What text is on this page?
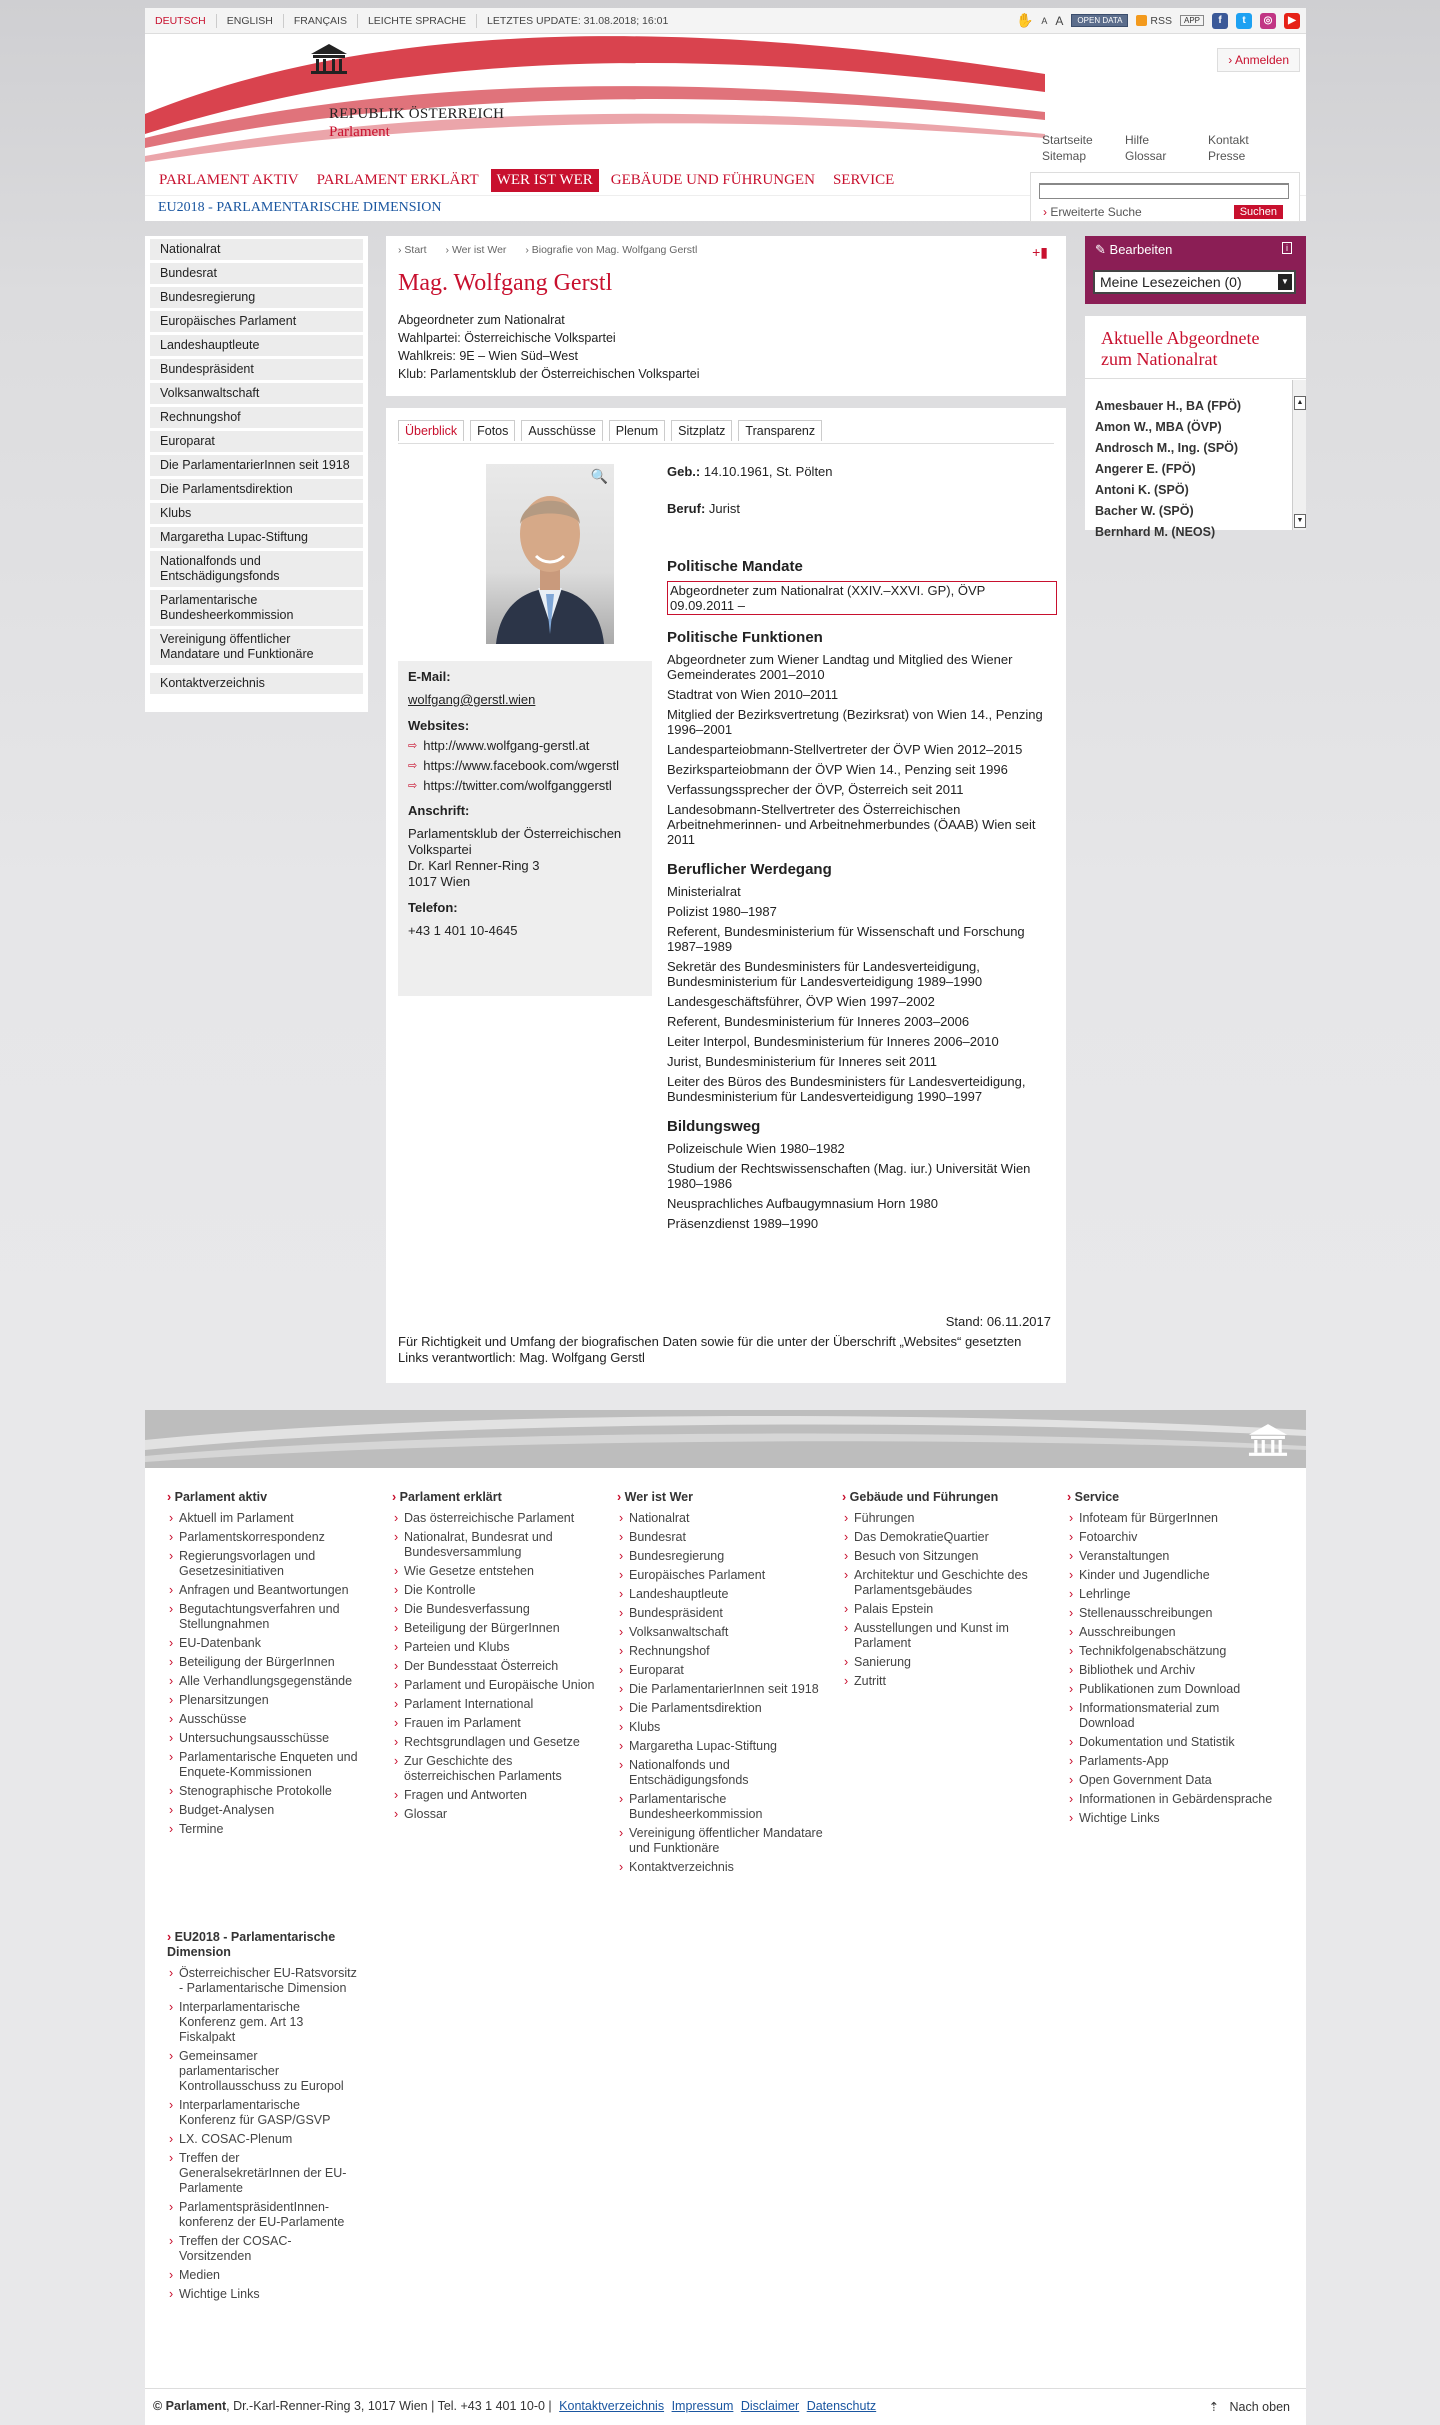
DEUTSCH	ENGLISH	FRANÇAIS	LEICHTE SPRACHE	LETZTES UPDATE: 31.08.2018; 16:01	✋ A A	OPEN DATA	RSS	APP	f	t	◎	▶
REPUBLIK ÖSTERREICH
Parlament
› Anmelden
Startseite
Sitemap
Hilfe
Glossar
Kontakt
Presse
PARLAMENT AKTIV	PARLAMENT ERKLÄRT	WER IST WER	GEBÄUDE UND FÜHRUNGEN	SERVICE
EU2018 - PARLAMENTARISCHE DIMENSION	› Erweiterte Suche	Suchen
Nationalrat
Bundesrat
Bundesregierung
Europäisches Parlament
Landeshauptleute
Bundespräsident
Volksanwaltschaft
Rechnungshof
Europarat
Die ParlamentarierInnen seit 1918
Die Parlamentsdirektion
Klubs
Margaretha Lupac-Stiftung
Nationalfonds und Entschädigungsfonds
Parlamentarische Bundesheerkommission
Vereinigung öffentlicher Mandatare und Funktionäre
Kontaktverzeichnis
› Start › Wer ist Wer › Biografie von Mag. Wolfgang Gerstl	+▮
Mag. Wolfgang Gerstl
Abgeordneter zum Nationalrat
Wahlpartei: Österreichische Volkspartei
Wahlkreis: 9E – Wien Süd–West
Klub: Parlamentsklub der Österreichischen Volkspartei
Überblick	Fotos	Ausschüsse	Plenum	Sitzplatz	Transparenz
🔍
E-Mail:
wolfgang@gerstl.wien
Websites:
⇨ http://www.wolfgang-gerstl.at
⇨ https://www.facebook.com/wgerstl
⇨ https://twitter.com/wolfganggerstl
Anschrift:
Parlamentsklub der Österreichischen Volkspartei
Dr. Karl Renner-Ring 3
1017 Wien
Telefon:
+43 1 401 10-4645
Geb.: 14.10.1961, St. Pölten
Beruf: Jurist
Politische Mandate
Abgeordneter zum Nationalrat (XXIV.–XXVI. GP), ÖVP
09.09.2011 –
Politische Funktionen
Abgeordneter zum Wiener Landtag und Mitglied des Wiener Gemeinderates 2001–2010
Stadtrat von Wien 2010–2011
Mitglied der Bezirksvertretung (Bezirksrat) von Wien 14., Penzing 1996–2001
Landesparteiobmann-Stellvertreter der ÖVP Wien 2012–2015
Bezirksparteiobmann der ÖVP Wien 14., Penzing seit 1996
Verfassungssprecher der ÖVP, Österreich seit 2011
Landesobmann-Stellvertreter des Österreichischen Arbeitnehmerinnen- und Arbeitnehmerbundes (ÖAAB) Wien seit 2011
Beruflicher Werdegang
Ministerialrat
Polizist 1980–1987
Referent, Bundesministerium für Wissenschaft und Forschung 1987–1989
Sekretär des Bundesministers für Landesverteidigung, Bundesministerium für Landesverteidigung 1989–1990
Landesgeschäftsführer, ÖVP Wien 1997–2002
Referent, Bundesministerium für Inneres 2003–2006
Leiter Interpol, Bundesministerium für Inneres 2006–2010
Jurist, Bundesministerium für Inneres seit 2011
Leiter des Büros des Bundesministers für Landesverteidigung, Bundesministerium für Landesverteidigung 1990–1997
Bildungsweg
Polizeischule Wien 1980–1982
Studium der Rechtswissenschaften (Mag. iur.) Universität Wien 1980–1986
Neusprachliches Aufbaugymnasium Horn 1980
Präsenzdienst 1989–1990
Stand: 06.11.2017
Für Richtigkeit und Umfang der biografischen Daten sowie für die unter der Überschrift „Websites“ gesetzten Links verantwortlich: Mag. Wolfgang Gerstl
✎ Bearbeiten	i
Meine Lesezeichen (0)	▼
Aktuelle Abgeordnete zum Nationalrat
Amesbauer H., BA (FPÖ)
Amon W., MBA (ÖVP)
Androsch M., Ing. (SPÖ)
Angerer E. (FPÖ)
Antoni K. (SPÖ)
Bacher W. (SPÖ)
Bernhard M. (NEOS)
▲
▼
› Parlament aktiv
› Aktuell im Parlament
› Parlamentskorrespondenz
› Regierungsvorlagen und Gesetzesinitiativen
› Anfragen und Beantwortungen
› Begutachtungsverfahren und Stellungnahmen
› EU-Datenbank
› Beteiligung der BürgerInnen
› Alle Verhandlungsgegenstände
› Plenarsitzungen
› Ausschüsse
› Untersuchungsausschüsse
› Parlamentarische Enqueten und Enquete-Kommissionen
› Stenographische Protokolle
› Budget-Analysen
› Termine
› Parlament erklärt
› Das österreichische Parlament
› Nationalrat, Bundesrat und Bundesversammlung
› Wie Gesetze entstehen
› Die Kontrolle
› Die Bundesverfassung
› Beteiligung der BürgerInnen
› Parteien und Klubs
› Der Bundesstaat Österreich
› Parlament und Europäische Union
› Parlament International
› Frauen im Parlament
› Rechtsgrundlagen und Gesetze
› Zur Geschichte des österreichischen Parlaments
› Fragen und Antworten
› Glossar
› Wer ist Wer
› Nationalrat
› Bundesrat
› Bundesregierung
› Europäisches Parlament
› Landeshauptleute
› Bundespräsident
› Volksanwaltschaft
› Rechnungshof
› Europarat
› Die ParlamentarierInnen seit 1918
› Die Parlamentsdirektion
› Klubs
› Margaretha Lupac-Stiftung
› Nationalfonds und Entschädigungsfonds
› Parlamentarische Bundesheerkommission
› Vereinigung öffentlicher Mandatare und Funktionäre
› Kontaktverzeichnis
› Gebäude und Führungen
› Führungen
› Das DemokratieQuartier
› Besuch von Sitzungen
› Architektur und Geschichte des Parlamentsgebäudes
› Palais Epstein
› Ausstellungen und Kunst im Parlament
› Sanierung
› Zutritt
› Service
› Infoteam für BürgerInnen
› Fotoarchiv
› Veranstaltungen
› Kinder und Jugendliche
› Lehrlinge
› Stellenausschreibungen
› Ausschreibungen
› Technikfolgenabschätzung
› Bibliothek und Archiv
› Publikationen zum Download
› Informationsmaterial zum Download
› Dokumentation und Statistik
› Parlaments-App
› Open Government Data
› Informationen in Gebärdensprache
› Wichtige Links
› EU2018 - Parlamentarische Dimension
› Österreichischer EU-Ratsvorsitz - Parlamentarische Dimension
› Interparlamentarische Konferenz gem. Art 13 Fiskalpakt
› Gemeinsamer parlamentarischer Kontrollausschuss zu Europol
› Interparlamentarische Konferenz für GASP/GSVP
› LX. COSAC-Plenum
› Treffen der GeneralsekretärInnen der EU-Parlamente
› ParlamentspräsidentInnen-konferenz der EU-Parlamente
› Treffen der COSAC-Vorsitzenden
› Medien
› Wichtige Links
© Parlament, Dr.-Karl-Renner-Ring 3, 1017 Wien | Tel. +43 1 401 10-0 | Kontaktverzeichnis Impressum Disclaimer Datenschutz	⇡ Nach oben
